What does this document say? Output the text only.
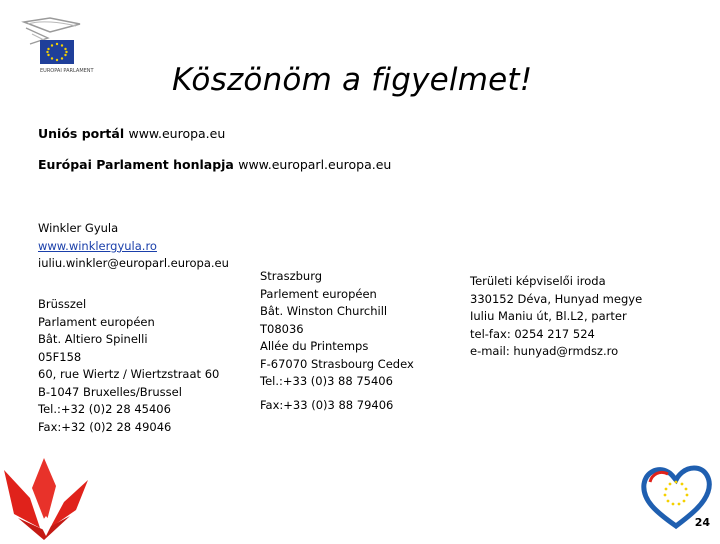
EUROPAI PARLAMENT	Köszönöm a figyelmet!
Uniós portál www.europa.eu
Európai Parlament honlapja www.europarl.europa.eu
Winkler Gyula
www.winklergyula.ro
iuliu.winkler@europarl.europa.eu
Brüsszel
Parlament européen
Bât. Altiero Spinelli
05F158
60, rue Wiertz / Wiertzstraat 60
B-1047 Bruxelles/Brussel
Tel.:+32 (0)2 28 45406
Fax:+32 (0)2 28 49046
Straszburg
Parlement européen
Bât. Winston Churchill
T08036
Allée du Printemps
F-67070 Strasbourg Cedex
Tel.:+33 (0)3 88 75406
Fax:+33 (0)3 88 79406
Területi képviselői iroda
330152 Déva, Hunyad megye
Iuliu Maniu út, Bl.L2, parter
tel-fax: 0254 217 524
e-mail: hunyad@rmdsz.ro
24
